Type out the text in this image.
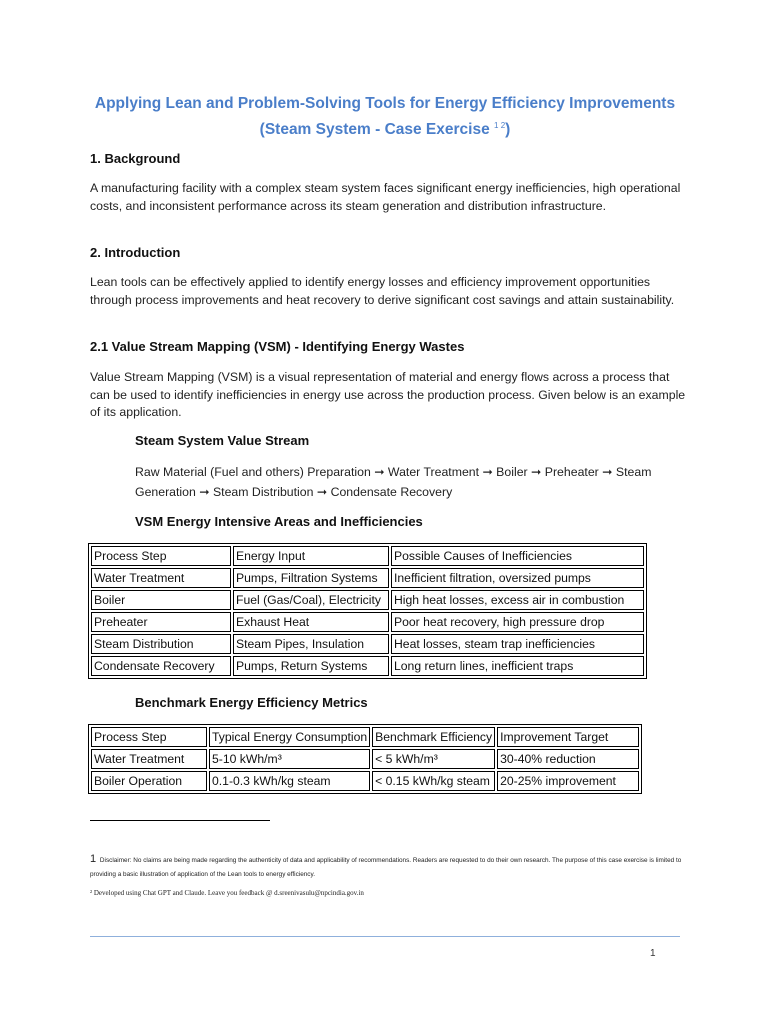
Applying Lean and Problem-Solving Tools for Energy Efficiency Improvements
(Steam System - Case Exercise $^{1 2}$)
1. Background
A manufacturing facility with a complex steam system faces significant energy inefficiencies, high operational costs, and inconsistent performance across its steam generation and distribution infrastructure.
2. Introduction
Lean tools can be effectively applied to identify energy losses and efficiency improvement opportunities through process improvements and heat recovery to derive significant cost savings and attain sustainability.
2.1 Value Stream Mapping (VSM) - Identifying Energy Wastes
Value Stream Mapping (VSM) is a visual representation of material and energy flows across a process that can be used to identify inefficiencies in energy use across the production process. Given below is an example of its application.
Steam System Value Stream
Raw Material (Fuel and others) Preparation ➞ Water Treatment ➞ Boiler ➞ Preheater ➞ Steam Generation ➞ Steam Distribution ➞ Condensate Recovery
VSM Energy Intensive Areas and Inefficiencies
Process Step	Energy Input	Possible Causes of Inefficiencies
Water Treatment	Pumps, Filtration Systems	Inefficient filtration, oversized pumps
Boiler	Fuel (Gas/Coal), Electricity	High heat losses, excess air in combustion
Preheater	Exhaust Heat	Poor heat recovery, high pressure drop
Steam Distribution	Steam Pipes, Insulation	Heat losses, steam trap inefficiencies
Condensate Recovery	Pumps, Return Systems	Long return lines, inefficient traps
Benchmark Energy Efficiency Metrics
Process Step	Typical Energy Consumption	Benchmark Efficiency	Improvement Target
Water Treatment	5-10 kWh/m³	< 5 kWh/m³	30-40% reduction
Boiler Operation	0.1-0.3 kWh/kg steam	< 0.15 kWh/kg steam	20-25% improvement
1 Disclaimer: No claims are being made regarding the authenticity of data and applicability of recommendations. Readers are requested to do their own research. The purpose of this case exercise is limited to providing a basic illustration of application of the Lean tools to energy efficiency.
² Developed using Chat GPT and Claude. Leave you feedback @ d.sreenivasulu@npcindia.gov.in
1
